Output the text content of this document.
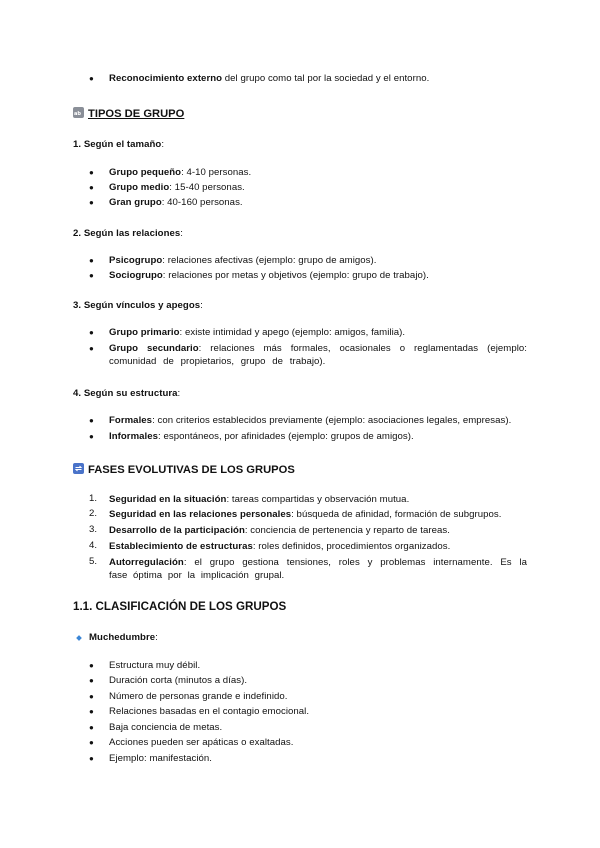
● Reconocimiento externo del grupo como tal por la sociedad y el entorno.
ab TIPOS DE GRUPO
1. Según el tamaño:
● Grupo pequeño: 4-10 personas.
● Grupo medio: 15-40 personas.
● Gran grupo: 40-160 personas.
2. Según las relaciones:
● Psicogrupo: relaciones afectivas (ejemplo: grupo de amigos).
● Sociogrupo: relaciones por metas y objetivos (ejemplo: grupo de trabajo).
3. Según vínculos y apegos:
● Grupo primario: existe intimidad y apego (ejemplo: amigos, familia).
● Grupo secundario: relaciones más formales, ocasionales o reglamentadas (ejemplo: comunidad de propietarios, grupo de trabajo).
4. Según su estructura:
● Formales: con criterios establecidos previamente (ejemplo: asociaciones legales, empresas).
● Informales: espontáneos, por afinidades (ejemplo: grupos de amigos).
FASES EVOLUTIVAS DE LOS GRUPOS
1. Seguridad en la situación: tareas compartidas y observación mutua.
2. Seguridad en las relaciones personales: búsqueda de afinidad, formación de subgrupos.
3. Desarrollo de la participación: conciencia de pertenencia y reparto de tareas.
4. Establecimiento de estructuras: roles definidos, procedimientos organizados.
5. Autorregulación: el grupo gestiona tensiones, roles y problemas internamente. Es la fase óptima por la implicación grupal.
1.1. CLASIFICACIÓN DE LOS GRUPOS
Muchedumbre:
● Estructura muy débil.
● Duración corta (minutos a días).
● Número de personas grande e indefinido.
● Relaciones basadas en el contagio emocional.
● Baja conciencia de metas.
● Acciones pueden ser apáticas o exaltadas.
● Ejemplo: manifestación.
